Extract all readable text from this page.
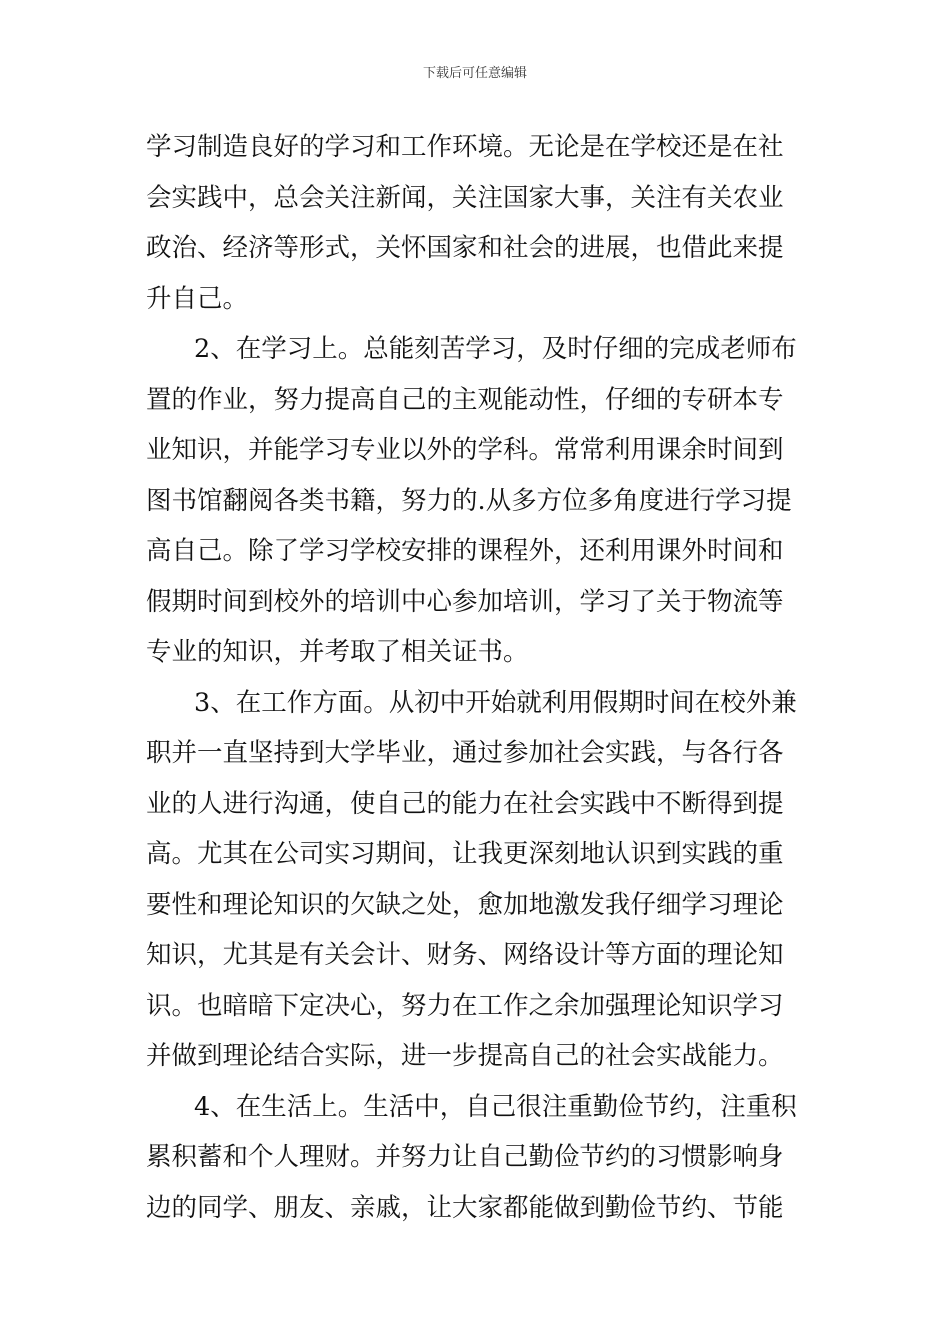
下载后可任意编辑
学习制造良好的学习和工作环境。无论是在学校还是在社
会实践中，总会关注新闻，关注国家大事，关注有关农业
政治、经济等形式，关怀国家和社会的进展，也借此来提
升自己。
2、在学习上。总能刻苦学习，及时仔细的完成老师布
置的作业，努力提高自己的主观能动性，仔细的专研本专
业知识，并能学习专业以外的学科。常常利用课余时间到
图书馆翻阅各类书籍，努力的.从多方位多角度进行学习提
高自己。除了学习学校安排的课程外，还利用课外时间和
假期时间到校外的培训中心参加培训，学习了关于物流等
专业的知识，并考取了相关证书。
3、在工作方面。从初中开始就利用假期时间在校外兼
职并一直坚持到大学毕业，通过参加社会实践，与各行各
业的人进行沟通，使自己的能力在社会实践中不断得到提
高。尤其在公司实习期间，让我更深刻地认识到实践的重
要性和理论知识的欠缺之处，愈加地激发我仔细学习理论
知识，尤其是有关会计、财务、网络设计等方面的理论知
识。也暗暗下定决心，努力在工作之余加强理论知识学习
并做到理论结合实际，进一步提高自己的社会实战能力。
4、在生活上。生活中，自己很注重勤俭节约，注重积
累积蓄和个人理财。并努力让自己勤俭节约的习惯影响身
边的同学、朋友、亲戚，让大家都能做到勤俭节约、节能
